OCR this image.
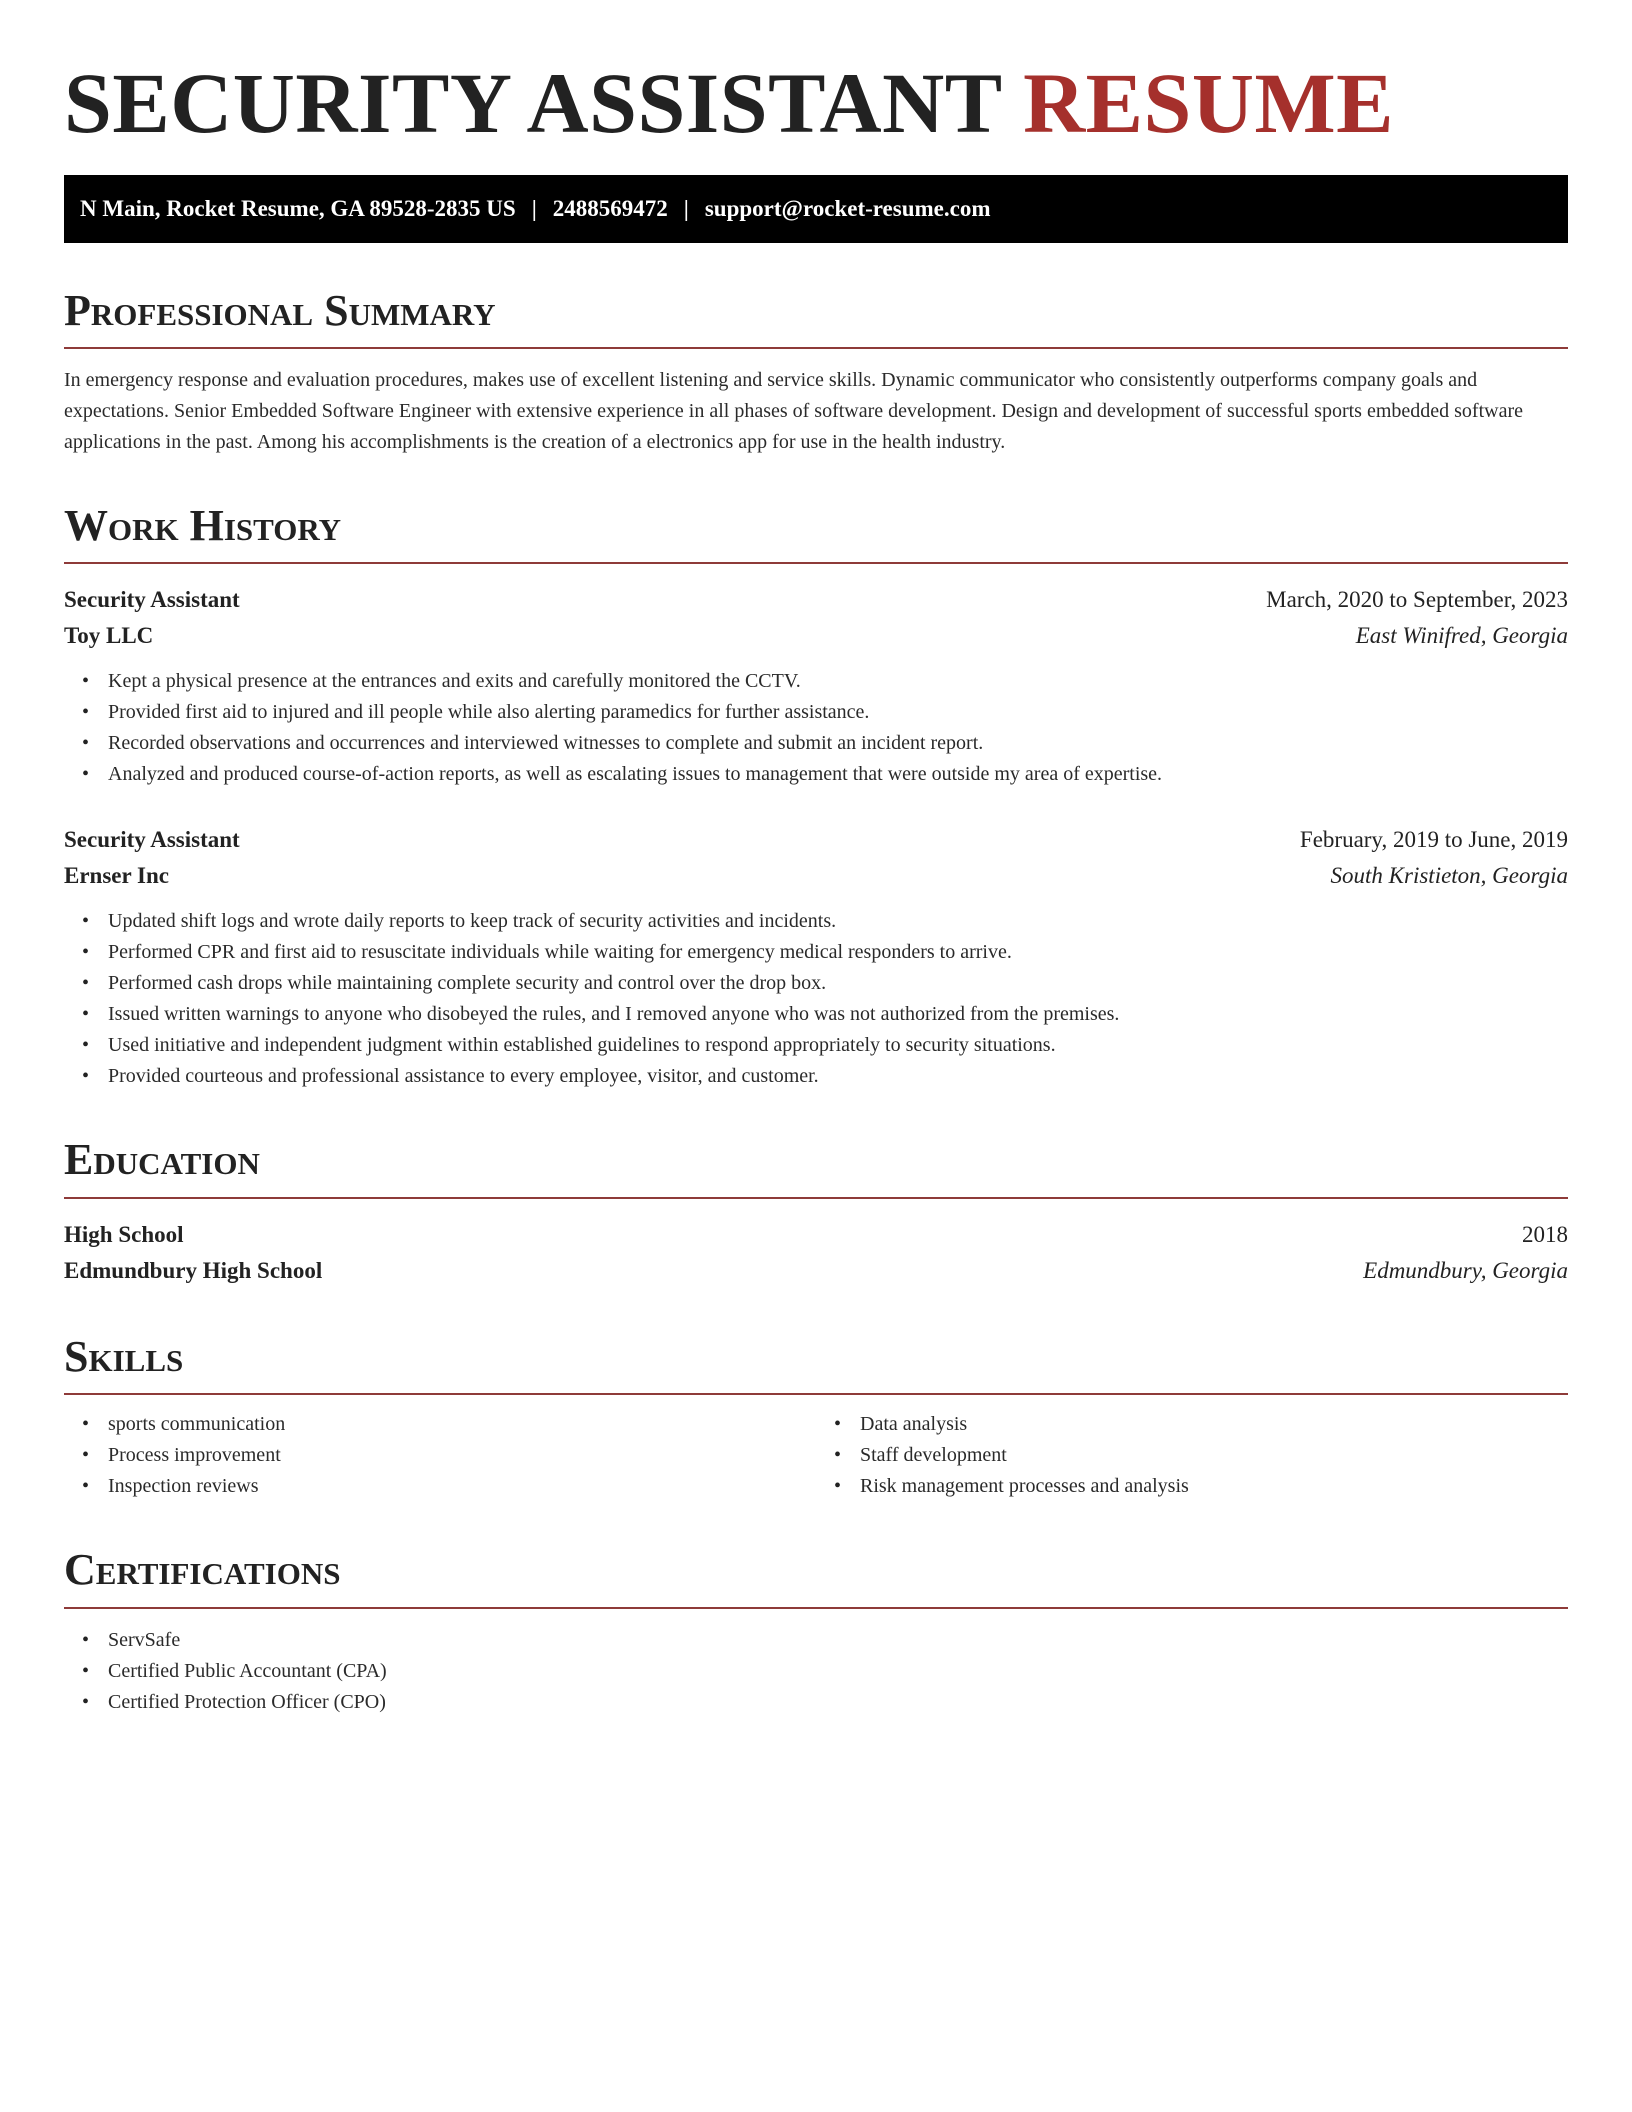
SECURITY ASSISTANT RESUME
N Main, Rocket Resume, GA 89528-2835 US | 2488569472 | support@rocket-resume.com
Professional Summary

In emergency response and evaluation procedures, makes use of excellent listening and service skills. Dynamic communicator who consistently outperforms company goals and expectations. Senior Embedded Software Engineer with extensive experience in all phases of software development. Design and development of successful sports embedded software applications in the past. Among his accomplishments is the creation of a electronics app for use in the health industry.

Work History
Security Assistant	March, 2020 to September, 2023
Toy LLC	East Winifred, Georgia
• Kept a physical presence at the entrances and exits and carefully monitored the CCTV.
• Provided first aid to injured and ill people while also alerting paramedics for further assistance.
• Recorded observations and occurrences and interviewed witnesses to complete and submit an incident report.
• Analyzed and produced course-of-action reports, as well as escalating issues to management that were outside my area of expertise.
Security Assistant	February, 2019 to June, 2019
Ernser Inc	South Kristieton, Georgia
• Updated shift logs and wrote daily reports to keep track of security activities and incidents.
• Performed CPR and first aid to resuscitate individuals while waiting for emergency medical responders to arrive.
• Performed cash drops while maintaining complete security and control over the drop box.
• Issued written warnings to anyone who disobeyed the rules, and I removed anyone who was not authorized from the premises.
• Used initiative and independent judgment within established guidelines to respond appropriately to security situations.
• Provided courteous and professional assistance to every employee, visitor, and customer.
Education
High School	2018
Edmundbury High School	Edmundbury, Georgia
Skills
• sports communication
• Process improvement
• Inspection reviews
• Data analysis
• Staff development
• Risk management processes and analysis
Certifications
• ServSafe
• Certified Public Accountant (CPA)
• Certified Protection Officer (CPO)
